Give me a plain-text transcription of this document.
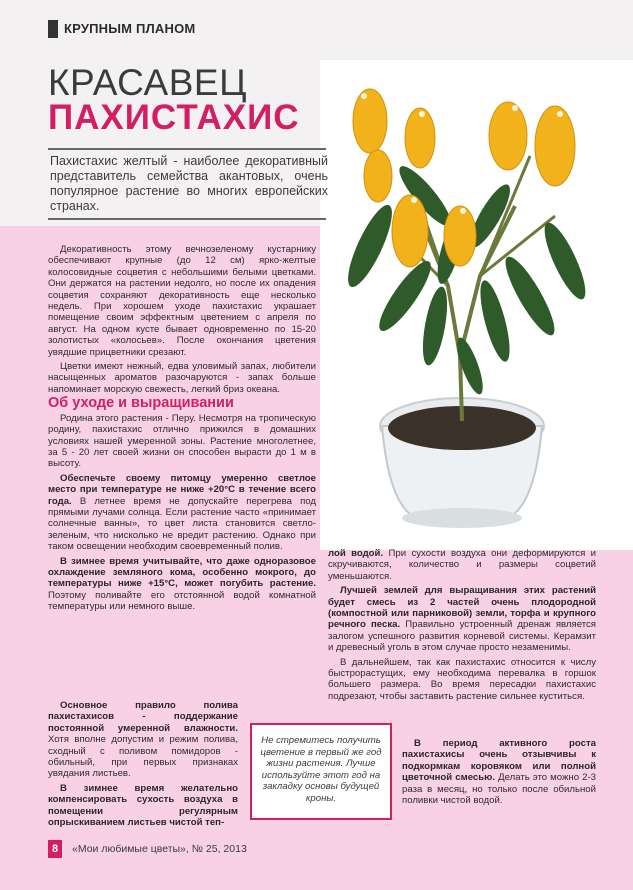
КРУПНЫМ ПЛАНОМ
КРАСАВЕЦ
ПАХИСТАХИС
Пахистахис желтый - наиболее декоративный представитель семейства акантовых, очень популярное растение во многих европейских странах.

Декоративность этому вечнозеленому кустарнику обеспечивают крупные (до 12 см) ярко-желтые колосовидные соцветия с небольшими белыми цветками. Они держатся на растении недолго, но после их опадения соцветия сохраняют декоративность еще несколько недель. При хорошем уходе пахистахис украшает помещение своим эффектным цветением с апреля по август. На одном кусте бывает одновременно по 15-20 золотистых «колосьев». После окончания цветения увядшие прицветники срезают.

Цветки имеют нежный, едва уловимый запах, любители насыщенных ароматов разочаруются - запах больше напоминает морскую свежесть, легкий бриз океана.

Об уходе и выращивании

Родина этого растения - Перу. Несмотря на тропическую родину, пахистахис отлично прижился в домашних условиях нашей умеренной зоны. Растение многолетнее, за 5 - 20 лет своей жизни он способен вырасти до 1 м в высоту.

Обеспечьте своему питомцу умеренно светлое место при температуре не ниже +20°С в течение всего года. В летнее время не допускайте перегрева под прямыми лучами солнца. Если растение часто «принимает солнечные ванны», то цвет листа становится светло-зеленым, что нисколько не вредит растению. Однако при таком освещении необходим своевременный полив.

В зимнее время учитывайте, что даже одноразовое охлаждение земляного кома, особенно мокрого, до температуры ниже +15°С, может погубить растение. Поэтому поливайте его отстоянной водой комнатной температуры или немного выше.

Основное правило полива пахистахисов - поддержание постоянной умеренной влажности. Хотя вполне допустим и режим полива, сходный с поливом помидоров - обильный, при первых признаках увядания листьев.

В зимнее время желательно компенсировать сухость воздуха в помещении регулярным опрыскиванием листьев чистой теп-

Не стремитесь получить цветение в первый же год жизни растения. Лучше используйте этот год на закладку основы будущей кроны.

лой водой. При сухости воздуха они деформируются и скручиваются, количество и размеры соцветий уменьшаются.

Лучшей землей для выращивания этих растений будет смесь из 2 частей очень плодородной (компостной или парниковой) земли, торфа и крупного речного песка. Правильно устроенный дренаж является залогом успешного развития корневой системы. Керамзит и древесный уголь в этом случае просто незаменимы.

В дальнейшем, так как пахистахис относится к числу быстрорастущих, ему необходима перевалка в горшок большего размера. Во время пересадки пахистахис подрезают, чтобы заставить растение сильнее куститься.

В период активного роста пахистахисы очень отзывчивы к подкормкам коровяком или полной цветочной смесью. Делать это можно 2-3 раза в месяц, но только после обильной поливки чистой водой.

8	«Мои любимые цветы», № 25, 2013
